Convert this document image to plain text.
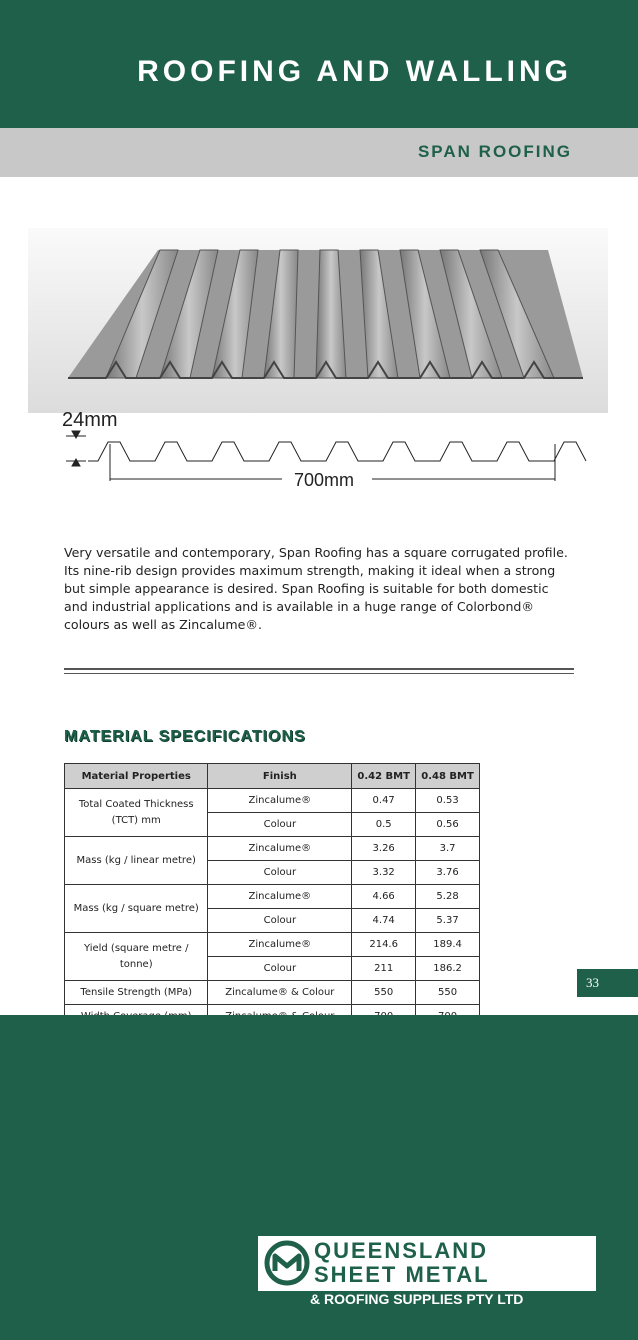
ROOFING AND WALLING
SPAN ROOFING
24mm
700mm

Very versatile and contemporary, Span Roofing has a square corrugated profile. Its nine-rib design provides maximum strength, making it ideal when a strong but simple appearance is desired. Span Roofing is suitable for both domestic and industrial applications and is available in a huge range of Colorbond® colours as well as Zincalume®.

MATERIAL SPECIFICATIONS
Material Properties	Finish	0.42 BMT	0.48 BMT
Total Coated Thickness (TCT) mm	Zincalume®	0.47	0.53
	Colour	0.5	0.56
Mass (kg / linear metre)	Zincalume®	3.26	3.7
	Colour	3.32	3.76
Mass (kg / square metre)	Zincalume®	4.66	5.28
	Colour	4.74	5.37
Yield (square metre / tonne)	Zincalume®	214.6	189.4
	Colour	211	186.2
Tensile Strength (MPa)	Zincalume® & Colour	550	550

33
QUEENSLAND
SHEET METAL
& ROOFING SUPPLIES PTY LTD
